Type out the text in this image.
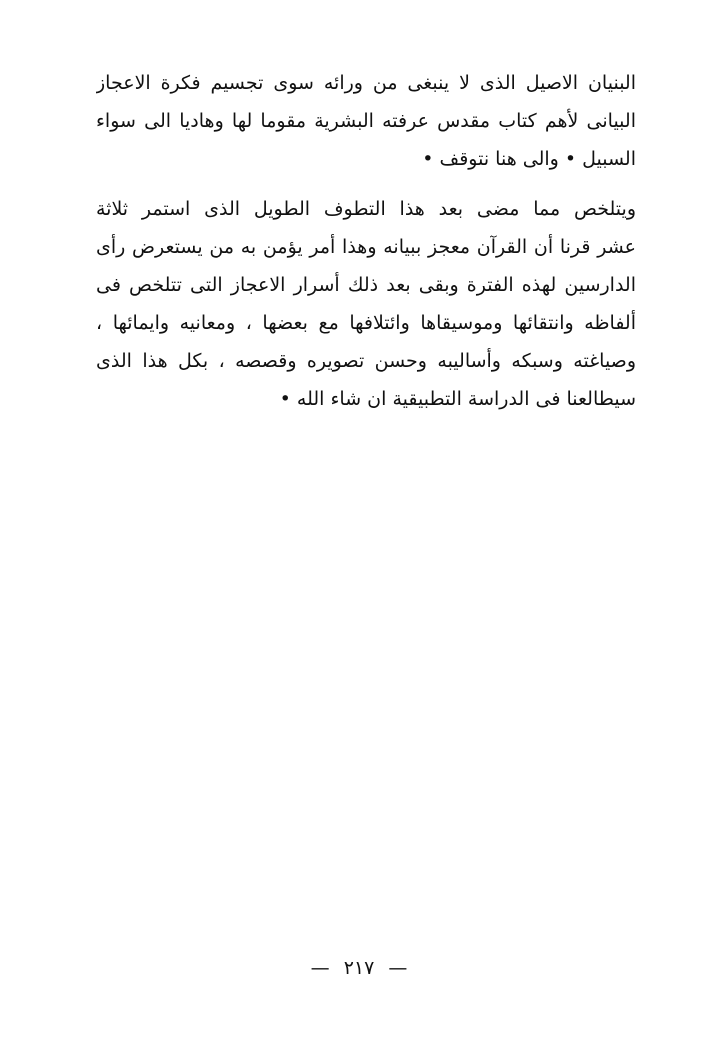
البنيان الاصيل الذى لا ينبغى من ورائه سوى تجسيم فكرة الاعجاز
البيانى لأهم كتاب مقدس عرفته البشرية مقوما لها وهاديا الى سواء
السبيل • والى هنا نتوقف •
ويتلخص مما مضى بعد هذا التطوف الطويل الذى استمر ثلاثة
عشر قرنا أن القرآن معجز ببيانه وهذا أمر يؤمن به من يستعرض رأى
الدارسين لهذه الفترة وبقى بعد ذلك أسرار الاعجاز التى تتلخص فى
ألفاظه وانتقائها وموسيقاها وائتلافها مع بعضها ، ومعانيه وايمائها ،
وصياغته وسبكه وأساليبه وحسن تصويره وقصصه ، بكل هذا الذى
سيطالعنا فى الدراسة التطبيقية ان شاء الله •
— ٢١٧ —
